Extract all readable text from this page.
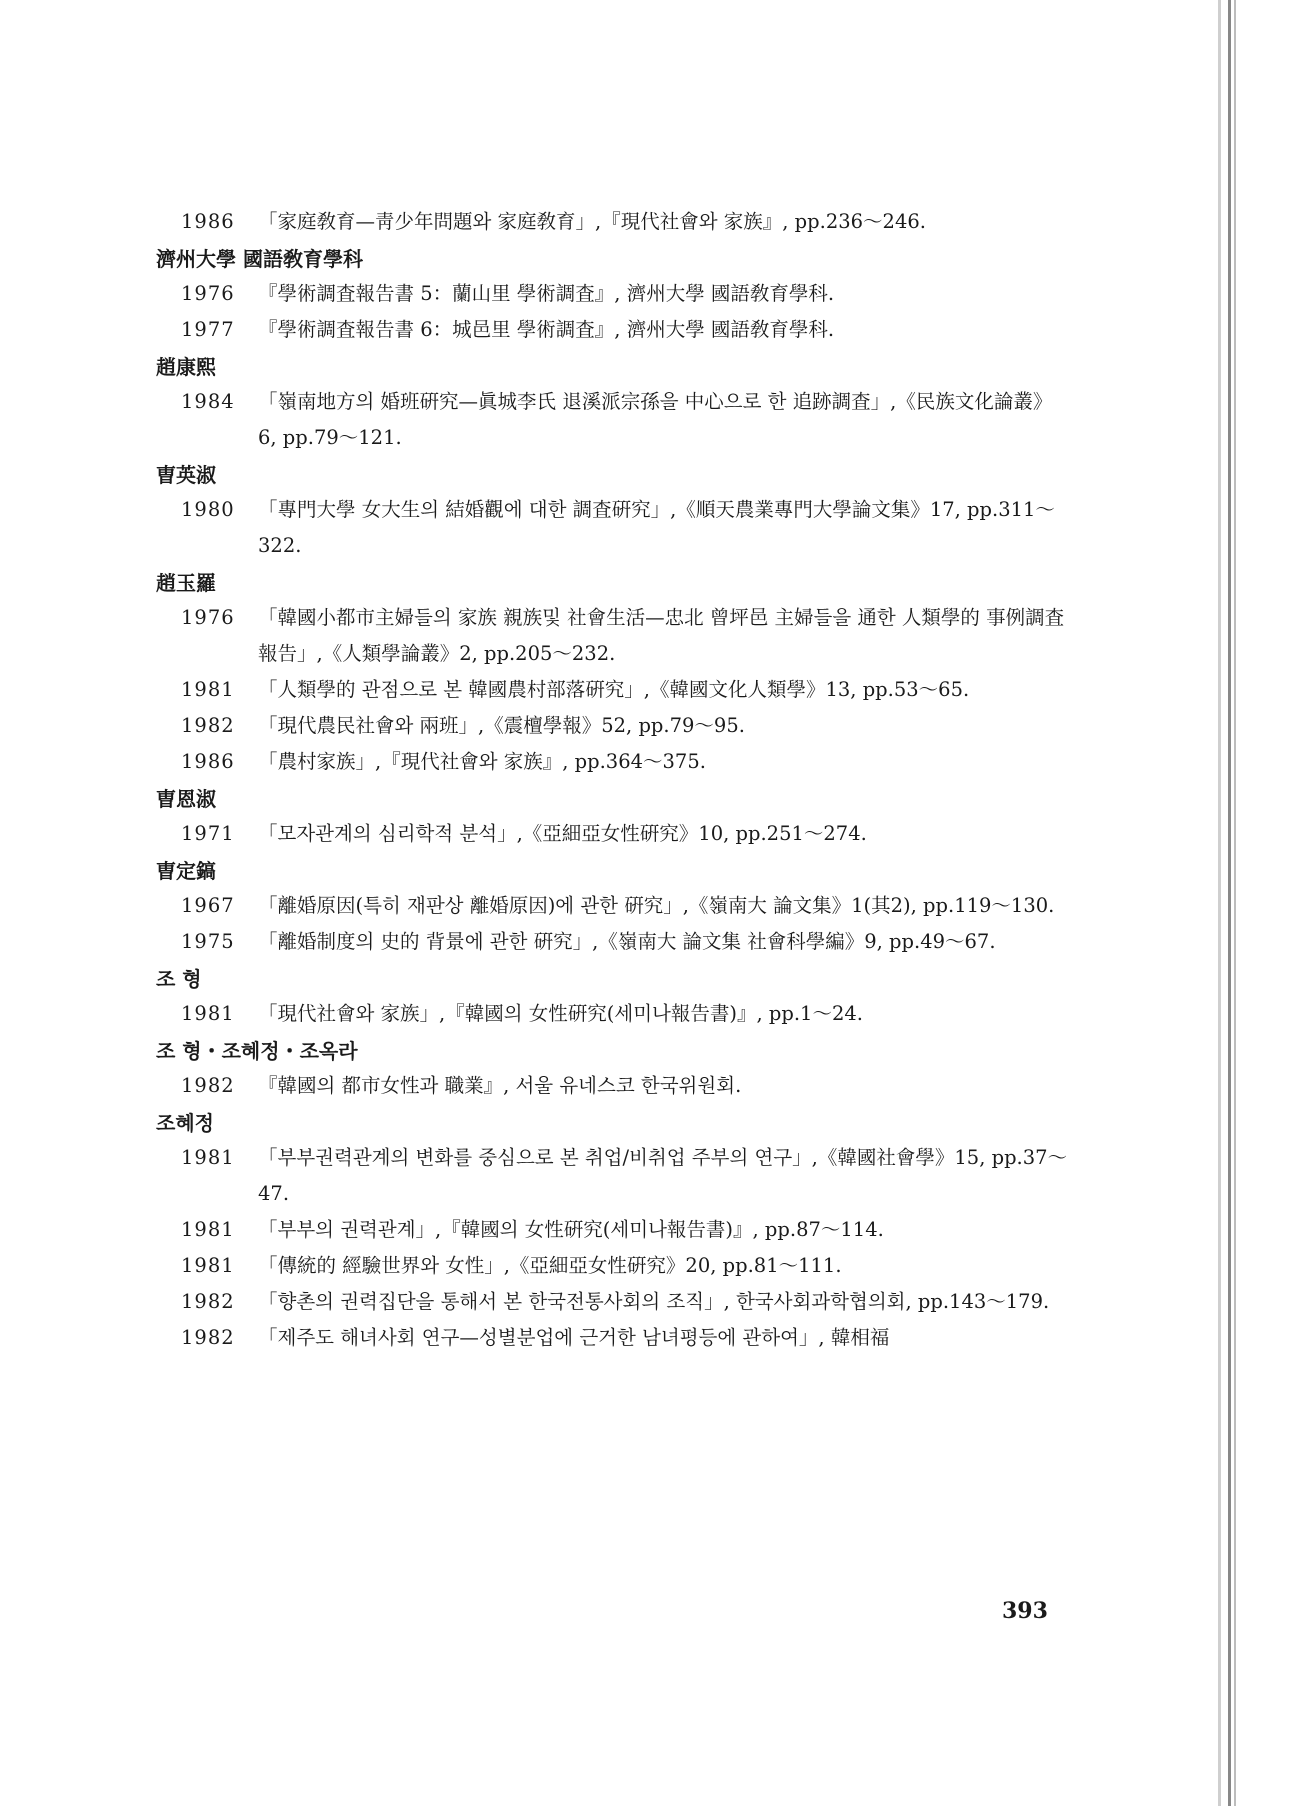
1986	「家庭敎育—靑少年問題와 家庭敎育」,『現代社會와 家族』, pp.236～246.
濟州大學 國語敎育學科
1976	『學術調査報告書 5：蘭山里 學術調査』, 濟州大學 國語敎育學科.
1977	『學術調査報告書 6：城邑里 學術調査』, 濟州大學 國語敎育學科.
趙康熙
1984	「嶺南地方의 婚班硏究—眞城李氏 退溪派宗孫을 中心으로 한 追跡調査」,《民族文化論叢》6, pp.79～121.
曺英淑
1980	「專門大學 女大生의 結婚觀에 대한 調査硏究」,《順天農業專門大學論文集》17, pp.311～322.
趙玉羅
1976	「韓國小都市主婦들의 家族 親族및 社會生活—忠北 曾坪邑 主婦들을 通한 人類學的 事例調査報告」,《人類學論叢》2, pp.205～232.
1981	「人類學的 관점으로 본 韓國農村部落硏究」,《韓國文化人類學》13, pp.53～65.
1982	「現代農民社會와 兩班」,《震檀學報》52, pp.79～95.
1986	「農村家族」,『現代社會와 家族』, pp.364～375.
曺恩淑
1971	「모자관계의 심리학적 분석」,《亞細亞女性硏究》10, pp.251～274.
曺定鎬
1967	「離婚原因(특히 재판상 離婚原因)에 관한 硏究」,《嶺南大 論文集》1(其2), pp.119～130.
1975	「離婚制度의 史的 背景에 관한 硏究」,《嶺南大 論文集 社會科學編》9, pp.49～67.
조 형
1981	「現代社會와 家族」,『韓國의 女性硏究(세미나報告書)』, pp.1～24.
조 형・조혜정・조옥라
1982	『韓國의 都市女性과 職業』, 서울 유네스코 한국위원회.
조혜정
1981	「부부권력관계의 변화를 중심으로 본 취업/비취업 주부의 연구」,《韓國社會學》15, pp.37～47.
1981	「부부의 권력관계」,『韓國의 女性硏究(세미나報告書)』, pp.87～114.
1981	「傳統的 經驗世界와 女性」,《亞細亞女性硏究》20, pp.81～111.
1982	「향촌의 권력집단을 통해서 본 한국전통사회의 조직」, 한국사회과학협의회, pp.143～179.
1982	「제주도 해녀사회 연구—성별분업에 근거한 남녀평등에 관하여」, 韓相福
393
